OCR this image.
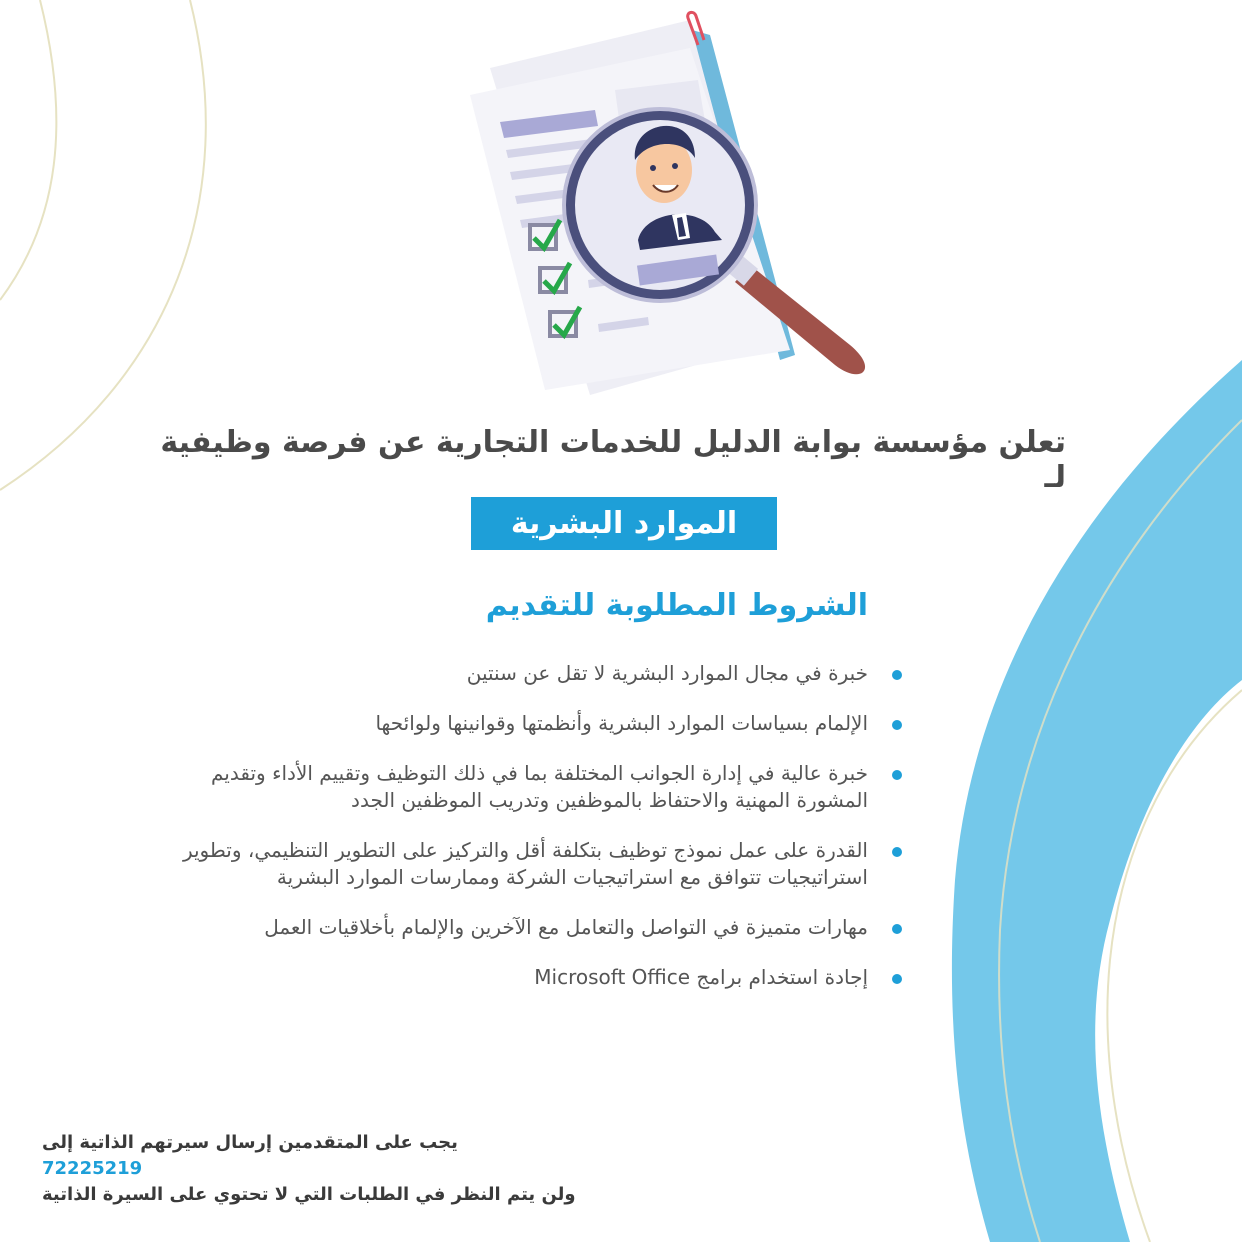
تعلن مؤسسة بوابة الدليل للخدمات التجارية عن فرصة وظيفية لـ
الموارد البشرية
الشروط المطلوبة للتقديم
خبرة في مجال الموارد البشرية لا تقل عن سنتين
الإلمام بسياسات الموارد البشرية وأنظمتها وقوانينها ولوائحها
خبرة عالية في إدارة الجوانب المختلفة بما في ذلك التوظيف وتقييم الأداء وتقديم المشورة المهنية والاحتفاظ بالموظفين وتدريب الموظفين الجدد
القدرة على عمل نموذج توظيف بتكلفة أقل والتركيز على التطوير التنظيمي، وتطوير استراتيجيات تتوافق مع استراتيجيات الشركة وممارسات الموارد البشرية
مهارات متميزة في التواصل والتعامل مع الآخرين والإلمام بأخلاقيات العمل
إجادة استخدام برامج Microsoft Office
يجب على المتقدمين إرسال سيرتهم الذاتية إلى
72225219
ولن يتم النظر في الطلبات التي لا تحتوي على السيرة الذاتية
